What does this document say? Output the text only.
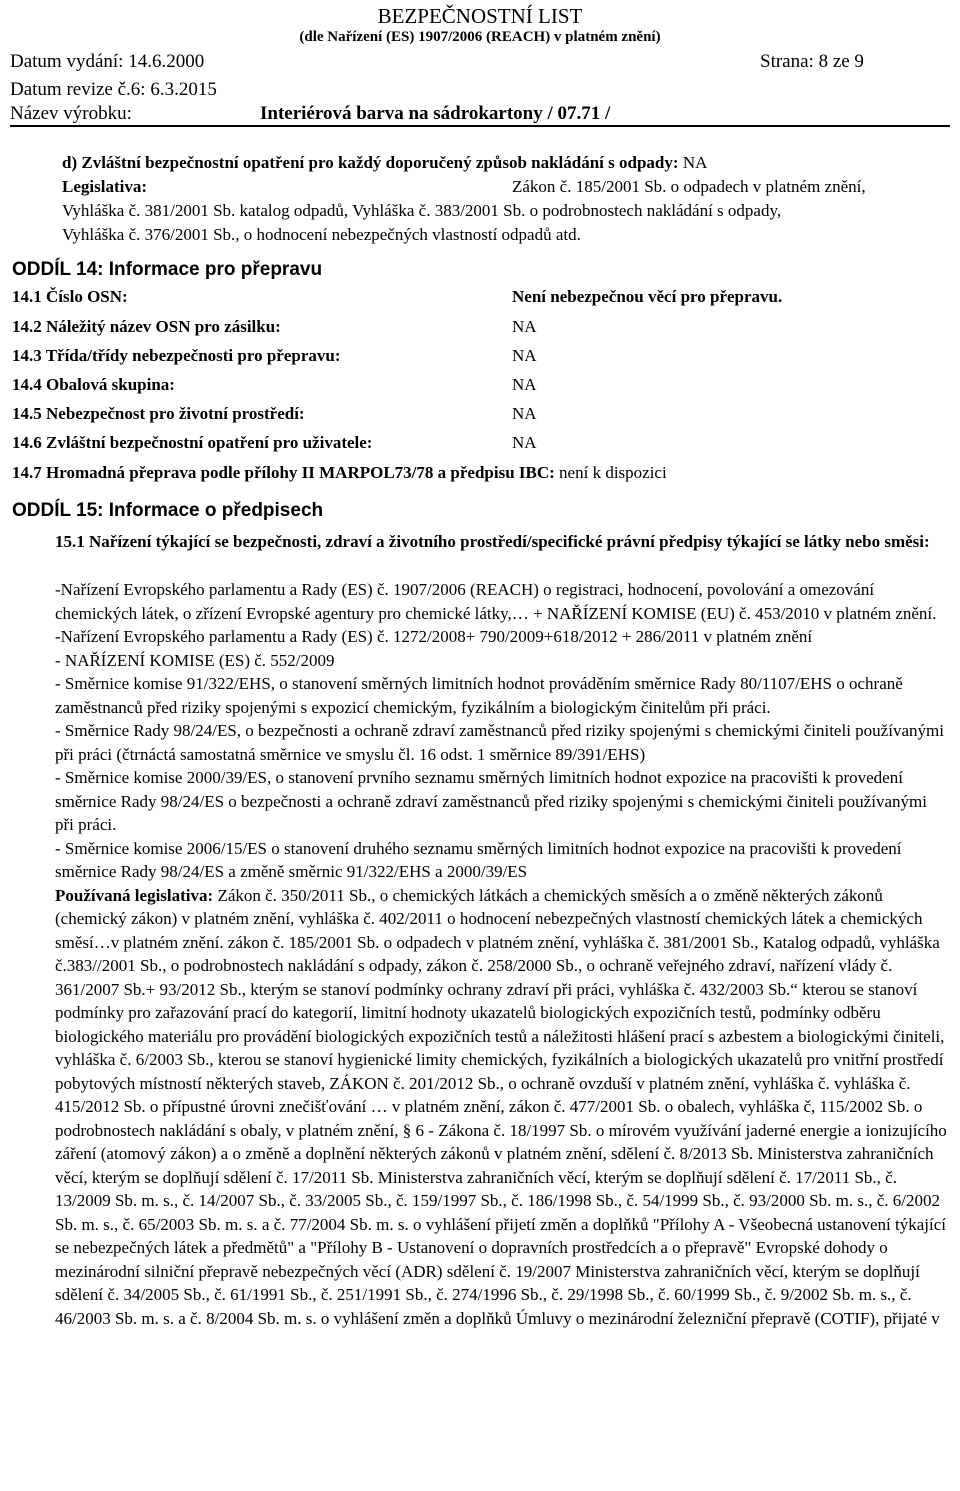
BEZPEČNOSTNÍ LIST
(dle Nařízení (ES) 1907/2006 (REACH) v platném znění)
Datum vydání: 14.6.2000	Strana: 8 ze 9
Datum revize č.6: 6.3.2015
Název výrobku:	Interiérová barva na sádrokartony / 07.71 /
d) Zvláštní bezpečnostní opatření pro každý doporučený způsob nakládání s odpady: NA
Legislativa:	Zákon č. 185/2001 Sb. o odpadech v platném znění,
Vyhláška č. 381/2001 Sb. katalog odpadů, Vyhláška č. 383/2001 Sb. o podrobnostech nakládání s odpady,
Vyhláška č. 376/2001 Sb., o hodnocení nebezpečných vlastností odpadů atd.
ODDÍL 14: Informace pro přepravu
14.1 Číslo OSN:	Není nebezpečnou věcí pro přepravu.
14.2 Náležitý název OSN pro zásilku:	NA
14.3 Třída/třídy nebezpečnosti pro přepravu:	NA
14.4 Obalová skupina:	NA
14.5 Nebezpečnost pro životní prostředí:	NA
14.6 Zvláštní bezpečnostní opatření pro uživatele:	NA
14.7 Hromadná přeprava podle přílohy II MARPOL73/78 a předpisu IBC: není k dispozici
ODDÍL 15: Informace o předpisech
15.1 Nařízení týkající se bezpečnosti, zdraví a životního prostředí/specifické právní předpisy týkající se látky nebo směsi:

-Nařízení Evropského parlamentu a Rady (ES) č. 1907/2006 (REACH) o registraci, hodnocení, povolování a omezování chemických látek, o zřízení Evropské agentury pro chemické látky,… + NAŘÍZENÍ KOMISE (EU) č. 453/2010 v platném znění.

-Nařízení Evropského parlamentu a Rady (ES) č. 1272/2008+ 790/2009+618/2012 + 286/2011 v platném znění

- NAŘÍZENÍ KOMISE (ES) č. 552/2009

- Směrnice komise 91/322/EHS, o stanovení směrných limitních hodnot prováděním směrnice Rady 80/1107/EHS o ochraně zaměstnanců před riziky spojenými s expozicí chemickým, fyzikálním a biologickým činitelům při práci.

- Směrnice Rady 98/24/ES, o bezpečnosti a ochraně zdraví zaměstnanců před riziky spojenými s chemickými činiteli používanými při práci (čtrnáctá samostatná směrnice ve smyslu čl. 16 odst. 1 směrnice 89/391/EHS)

- Směrnice komise 2000/39/ES, o stanovení prvního seznamu směrných limitních hodnot expozice na pracovišti k provedení směrnice Rady 98/24/ES o bezpečnosti a ochraně zdraví zaměstnanců před riziky spojenými s chemickými činiteli používanými při práci.

- Směrnice komise 2006/15/ES o stanovení druhého seznamu směrných limitních hodnot expozice na pracovišti k provedení směrnice Rady 98/24/ES a změně směrnic 91/322/EHS a 2000/39/ES

Používaná legislativa: Zákon č. 350/2011 Sb., o chemických látkách a chemických směsích a o změně některých zákonů (chemický zákon) v platném znění, vyhláška č. 402/2011 o hodnocení nebezpečných vlastností chemických látek a chemických směsí…v platném znění. zákon č. 185/2001 Sb. o odpadech v platném znění, vyhláška č. 381/2001 Sb., Katalog odpadů, vyhláška č.383//2001 Sb., o podrobnostech nakládání s odpady, zákon č. 258/2000 Sb., o ochraně veřejného zdraví, nařízení vlády č. 361/2007 Sb.+ 93/2012 Sb., kterým se stanoví podmínky ochrany zdraví při práci, vyhláška č. 432/2003 Sb.“ kterou se stanoví podmínky pro zařazování prací do kategorií, limitní hodnoty ukazatelů biologických expozičních testů, podmínky odběru biologického materiálu pro provádění biologických expozičních testů a náležitosti hlášení prací s azbestem a biologickými činiteli, vyhláška č. 6/2003 Sb., kterou se stanoví hygienické limity chemických, fyzikálních a biologických ukazatelů pro vnitřní prostředí pobytových místností některých staveb, ZÁKON č. 201/2012 Sb., o ochraně ovzduší v platném znění, vyhláška č. vyhláška č. 415/2012 Sb. o přípustné úrovni znečišťování … v platném znění, zákon č. 477/2001 Sb. o obalech, vyhláška č, 115/2002 Sb. o podrobnostech nakládání s obaly, v platném znění, § 6 - Zákona č. 18/1997 Sb. o mírovém využívání jaderné energie a ionizujícího záření (atomový zákon) a o změně a doplnění některých zákonů v platném znění, sdělení č. 8/2013 Sb. Ministerstva zahraničních věcí, kterým se doplňují sdělení č. 17/2011 Sb. Ministerstva zahraničních věcí, kterým se doplňují sdělení č. 17/2011 Sb., č. 13/2009 Sb. m. s., č. 14/2007 Sb., č. 33/2005 Sb., č. 159/1997 Sb., č. 186/1998 Sb., č. 54/1999 Sb., č. 93/2000 Sb. m. s., č. 6/2002 Sb. m. s., č. 65/2003 Sb. m. s. a č. 77/2004 Sb. m. s. o vyhlášení přijetí změn a doplňků "Přílohy A - Všeobecná ustanovení týkající se nebezpečných látek a předmětů" a "Přílohy B - Ustanovení o dopravních prostředcích a o přepravě" Evropské dohody o mezinárodní silniční přepravě nebezpečných věcí (ADR) sdělení č. 19/2007 Ministerstva zahraničních věcí, kterým se doplňují sdělení č. 34/2005 Sb., č. 61/1991 Sb., č. 251/1991 Sb., č. 274/1996 Sb., č. 29/1998 Sb., č. 60/1999 Sb., č. 9/2002 Sb. m. s., č. 46/2003 Sb. m. s. a č. 8/2004 Sb. m. s. o vyhlášení změn a doplňků Úmluvy o mezinárodní železniční přepravě (COTIF), přijaté v
